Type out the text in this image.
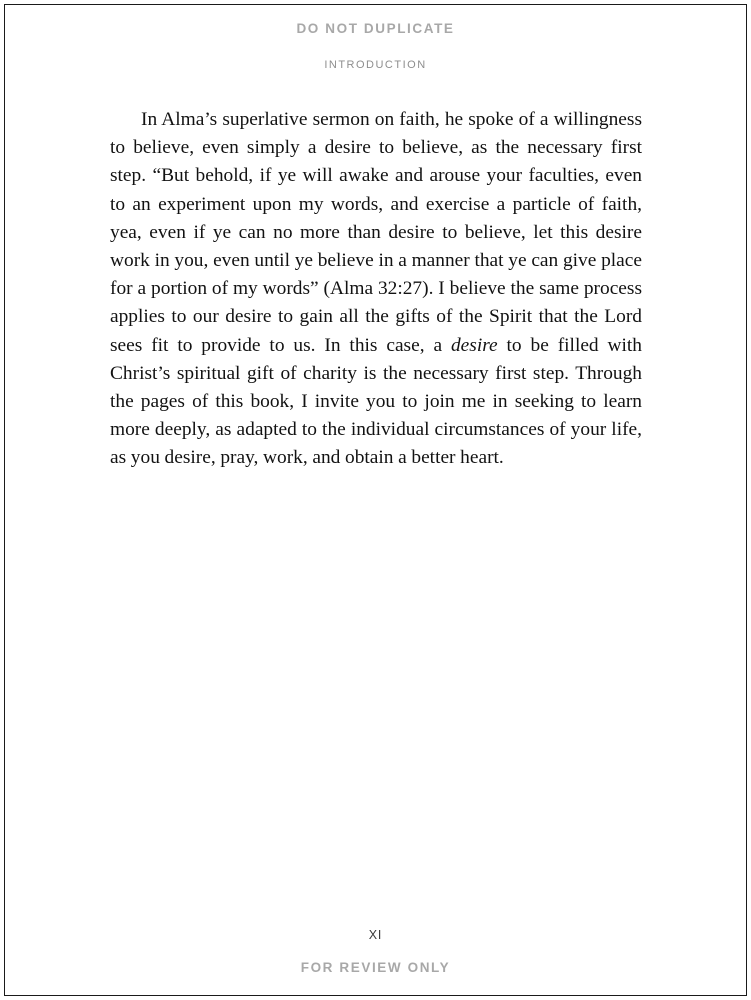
DO NOT DUPLICATE
INTRODUCTION

In Alma’s superlative sermon on faith, he spoke of a willingness to believe, even simply a desire to believe, as the necessary first step. “But behold, if ye will awake and arouse your faculties, even to an experiment upon my words, and exercise a particle of faith, yea, even if ye can no more than desire to believe, let this desire work in you, even until ye believe in a manner that ye can give place for a portion of my words” (Alma 32:27). I believe the same process applies to our desire to gain all the gifts of the Spirit that the Lord sees fit to provide to us. In this case, a desire to be filled with Christ’s spiritual gift of charity is the necessary first step. Through the pages of this book, I invite you to join me in seeking to learn more deeply, as adapted to the individual circumstances of your life, as you desire, pray, work, and obtain a better heart.

XI
FOR REVIEW ONLY
